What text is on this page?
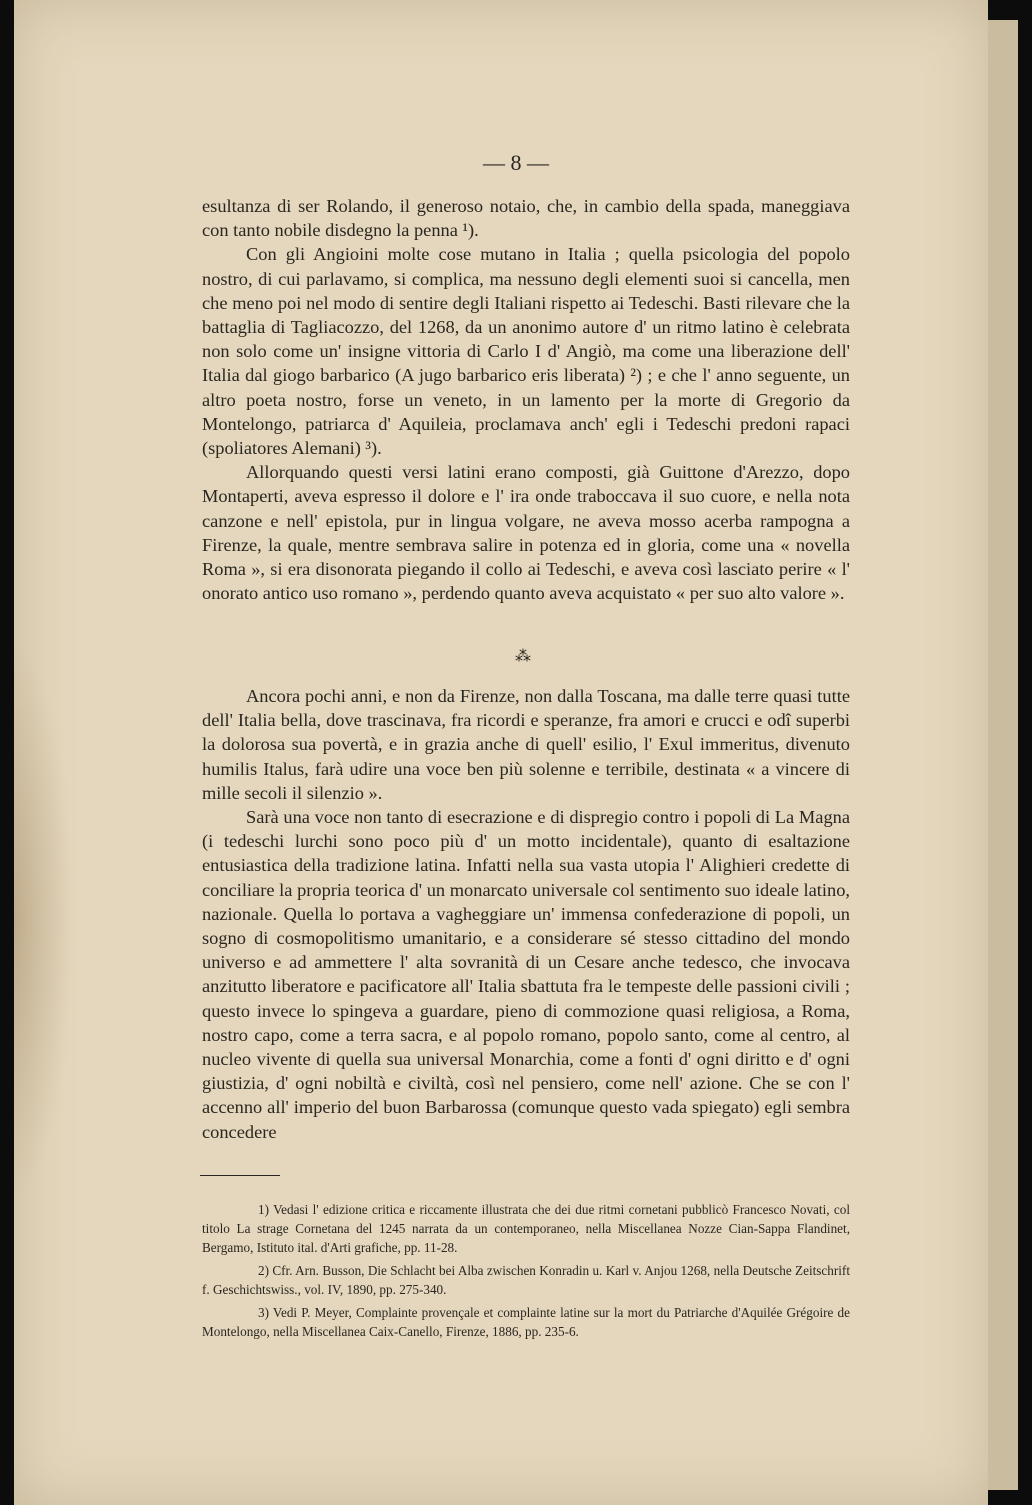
— 8 —

esultanza di ser Rolando, il generoso notaio, che, in cambio della spada, maneggiava con tanto nobile disdegno la penna ¹).

Con gli Angioini molte cose mutano in Italia ; quella psicologia del popolo nostro, di cui parlavamo, si complica, ma nessuno degli elementi suoi si cancella, men che meno poi nel modo di sentire degli Italiani rispetto ai Tedeschi. Basti rilevare che la battaglia di Tagliacozzo, del 1268, da un anonimo autore d' un ritmo latino è celebrata non solo come un' insigne vittoria di Carlo I d' Angiò, ma come una liberazione dell' Italia dal giogo barbarico (A jugo barbarico eris liberata) ²) ; e che l' anno seguente, un altro poeta nostro, forse un veneto, in un lamento per la morte di Gregorio da Montelongo, patriarca d' Aquileia, proclamava anch' egli i Tedeschi predoni rapaci (spoliatores Alemani) ³).

Allorquando questi versi latini erano composti, già Guittone d'Arezzo, dopo Montaperti, aveva espresso il dolore e l' ira onde traboccava il suo cuore, e nella nota canzone e nell' epistola, pur in lingua volgare, ne aveva mosso acerba rampogna a Firenze, la quale, mentre sembrava salire in potenza ed in gloria, come una « novella Roma », si era disonorata piegando il collo ai Tedeschi, e aveva così lasciato perire « l' onorato antico uso romano », perdendo quanto aveva acquistato « per suo alto valore ».

⁂

Ancora pochi anni, e non da Firenze, non dalla Toscana, ma dalle terre quasi tutte dell' Italia bella, dove trascinava, fra ricordi e speranze, fra amori e crucci e odî superbi la dolorosa sua povertà, e in grazia anche di quell' esilio, l' Exul immeritus, divenuto humilis Italus, farà udire una voce ben più solenne e terribile, destinata « a vincere di mille secoli il silenzio ».

Sarà una voce non tanto di esecrazione e di dispregio contro i popoli di La Magna (i tedeschi lurchi sono poco più d' un motto incidentale), quanto di esaltazione entusiastica della tradizione latina. Infatti nella sua vasta utopia l' Alighieri credette di conciliare la propria teorica d' un monarcato universale col sentimento suo ideale latino, nazionale. Quella lo portava a vagheggiare un' immensa confederazione di popoli, un sogno di cosmopolitismo umanitario, e a considerare sé stesso cittadino del mondo universo e ad ammettere l' alta sovranità di un Cesare anche tedesco, che invocava anzitutto liberatore e pacificatore all' Italia sbattuta fra le tempeste delle passioni civili ; questo invece lo spingeva a guardare, pieno di commozione quasi religiosa, a Roma, nostro capo, come a terra sacra, e al popolo romano, popolo santo, come al centro, al nucleo vivente di quella sua universal Monarchia, come a fonti d' ogni diritto e d' ogni giustizia, d' ogni nobiltà e civiltà, così nel pensiero, come nell' azione. Che se con l' accenno all' imperio del buon Barbarossa (comunque questo vada spiegato) egli sembra concedere

1) Vedasi l' edizione critica e riccamente illustrata che dei due ritmi cornetani pubblicò Francesco Novati, col titolo La strage Cornetana del 1245 narrata da un contemporaneo, nella Miscellanea Nozze Cian-Sappa Flandinet, Bergamo, Istituto ital. d'Arti grafiche, pp. 11-28.

2) Cfr. Arn. Busson, Die Schlacht bei Alba zwischen Konradin u. Karl v. Anjou 1268, nella Deutsche Zeitschrift f. Geschichtswiss., vol. IV, 1890, pp. 275-340.

3) Vedi P. Meyer, Complainte provençale et complainte latine sur la mort du Patriarche d'Aquilée Grégoire de Montelongo, nella Miscellanea Caix-Canello, Firenze, 1886, pp. 235-6.
